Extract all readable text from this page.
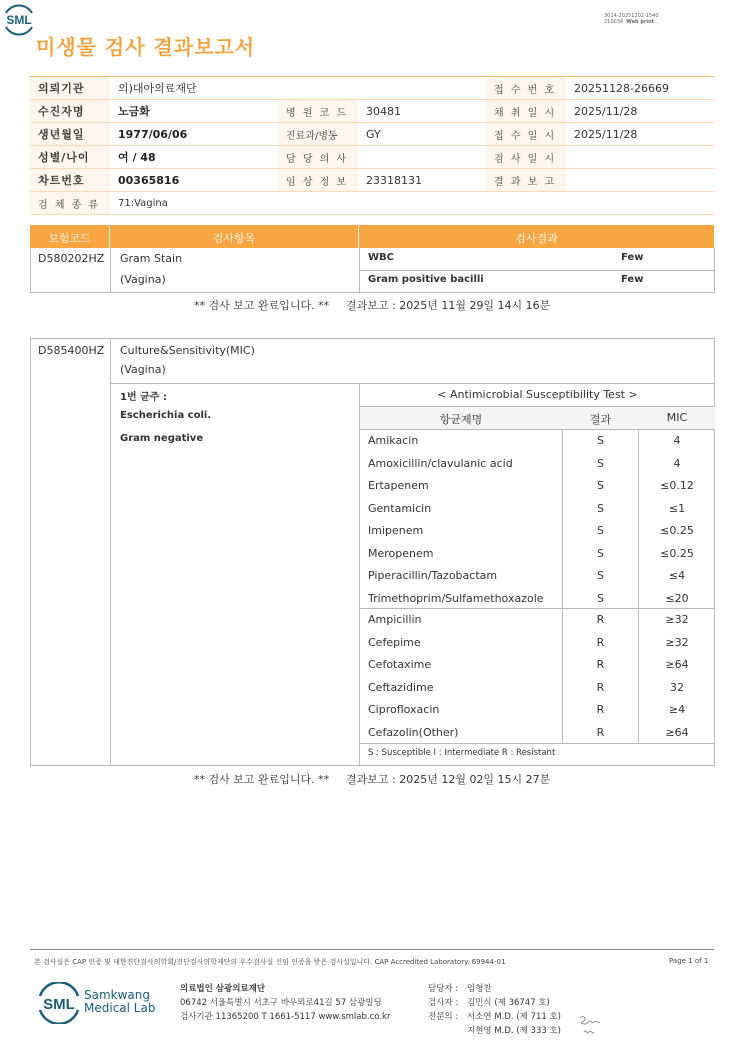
3014-20251202-1540
210034 Web print
미생물 검사 결과보고서
SML
의뢰기관	의)대아의료재단			접 수 번 호	20251128-26669
수진자명	노금화	병 원 코 드	30481	채 취 일 시	2025/11/28
생년월일	1977/06/06	진료과/병동	GY	접 수 일 시	2025/11/28
성별/나이	여 / 48	담 당 의 사		검 사 일 시	
차트번호	00365816	임 상 정 보	23318131	결 과 보 고	
검 체 종 류	71:Vagina				
보험코드	검사항목	검사결과
D580202HZ Gram Stain
(Vagina)
WBC	Few
Gram positive bacilli	Few
** 검사 보고 완료입니다. ** 결과보고 : 2025년 11월 29일 14시 16분
D585400HZ Culture&Sensitivity(MIC)
(Vagina)
1번 균주 :
Escherichia coli.
Gram negative
< Antimicrobial Susceptibility Test >
항균제명	결과	MIC
Amikacin	S	4
Amoxicillin/clavulanic acid	S	4
Ertapenem	S	≤0.12
Gentamicin	S	≤1
Imipenem	S	≤0.25
Meropenem	S	≤0.25
Piperacillin/Tazobactam	S	≤4
Trimethoprim/Sulfamethoxazole	S	≤20
Ampicillin	R	≥32
Cefepime	R	≥32
Cefotaxime	R	≥64
Ceftazidime	R	32
Ciprofloxacin	R	≥4
Cefazolin(Other)	R	≥64
S : Susceptible I : Intermediate R : Resistant
** 검사 보고 완료입니다. ** 결과보고 : 2025년 12월 02일 15시 27분
본 검사실은 CAP 인증 및 대한진단검사의학회/진단검사의학재단의 우수검사실 신임 인증을 받은 검사실입니다. CAP Accredited Laboratory. 69944-01	Page 1 of 1
SML
Samkwang
Medical Lab
의료법인 삼광의료재단
06742 서울특별시 서초구 바우뫼로41길 57 삼광빌딩
검사기관 11365200 T 1661-5117 www.smlab.co.kr
담당자 : 임형찬
검사자 : 김민식 (제 36747 호)
전문의 : 서소연 M.D. (제 711 호)
지현영 M.D. (제 333 호)
